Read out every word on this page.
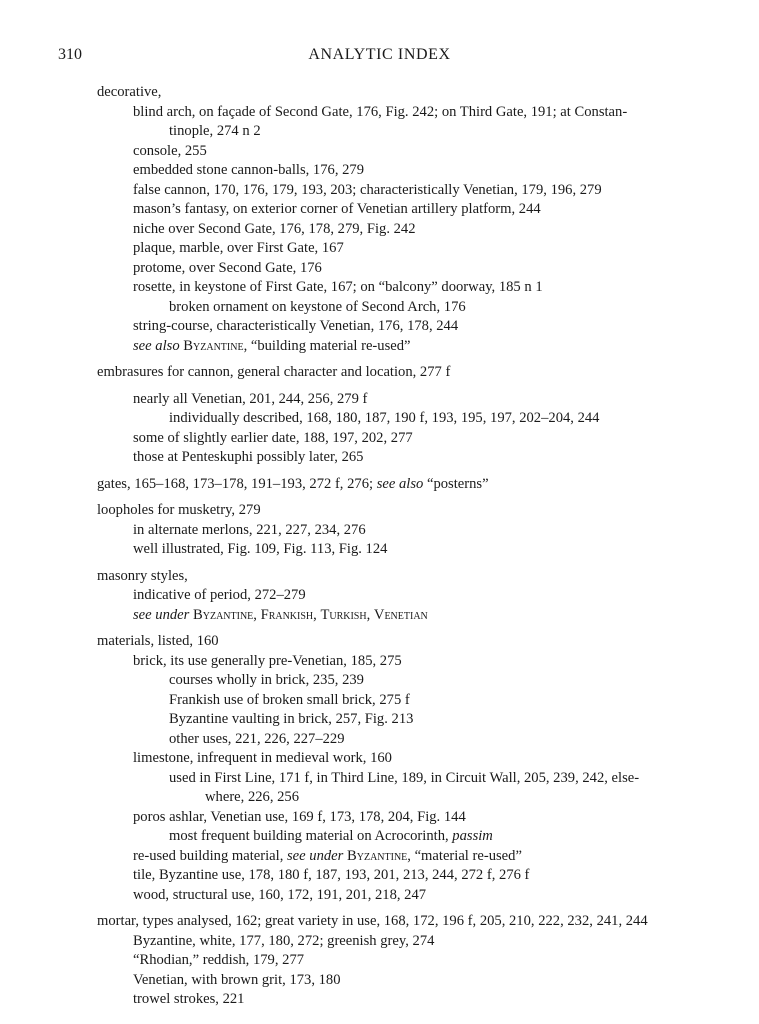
310	ANALYTIC INDEX
decorative,
blind arch, on façade of Second Gate, 176, Fig. 242; on Third Gate, 191; at Constan-
tinople, 274 n 2
console, 255
embedded stone cannon-balls, 176, 279
false cannon, 170, 176, 179, 193, 203; characteristically Venetian, 179, 196, 279
mason’s fantasy, on exterior corner of Venetian artillery platform, 244
niche over Second Gate, 176, 178, 279, Fig. 242
plaque, marble, over First Gate, 167
protome, over Second Gate, 176
rosette, in keystone of First Gate, 167; on “balcony” doorway, 185 n 1
broken ornament on keystone of Second Arch, 176
string-course, characteristically Venetian, 176, 178, 244
see also Byzantine, “building material re-used”
embrasures for cannon, general character and location, 277 f
nearly all Venetian, 201, 244, 256, 279 f
individually described, 168, 180, 187, 190 f, 193, 195, 197, 202–204, 244
some of slightly earlier date, 188, 197, 202, 277
those at Penteskuphi possibly later, 265
gates, 165–168, 173–178, 191–193, 272 f, 276; see also “posterns”
loopholes for musketry, 279
in alternate merlons, 221, 227, 234, 276
well illustrated, Fig. 109, Fig. 113, Fig. 124
masonry styles,
indicative of period, 272–279
see under Byzantine, Frankish, Turkish, Venetian
materials, listed, 160
brick, its use generally pre-Venetian, 185, 275
courses wholly in brick, 235, 239
Frankish use of broken small brick, 275 f
Byzantine vaulting in brick, 257, Fig. 213
other uses, 221, 226, 227–229
limestone, infrequent in medieval work, 160
used in First Line, 171 f, in Third Line, 189, in Circuit Wall, 205, 239, 242, else-
where, 226, 256
poros ashlar, Venetian use, 169 f, 173, 178, 204, Fig. 144
most frequent building material on Acrocorinth, passim
re-used building material, see under Byzantine, “material re-used”
tile, Byzantine use, 178, 180 f, 187, 193, 201, 213, 244, 272 f, 276 f
wood, structural use, 160, 172, 191, 201, 218, 247
mortar, types analysed, 162; great variety in use, 168, 172, 196 f, 205, 210, 222, 232, 241, 244
Byzantine, white, 177, 180, 272; greenish grey, 274
“Rhodian,” reddish, 179, 277
Venetian, with brown grit, 173, 180
trowel strokes, 221
